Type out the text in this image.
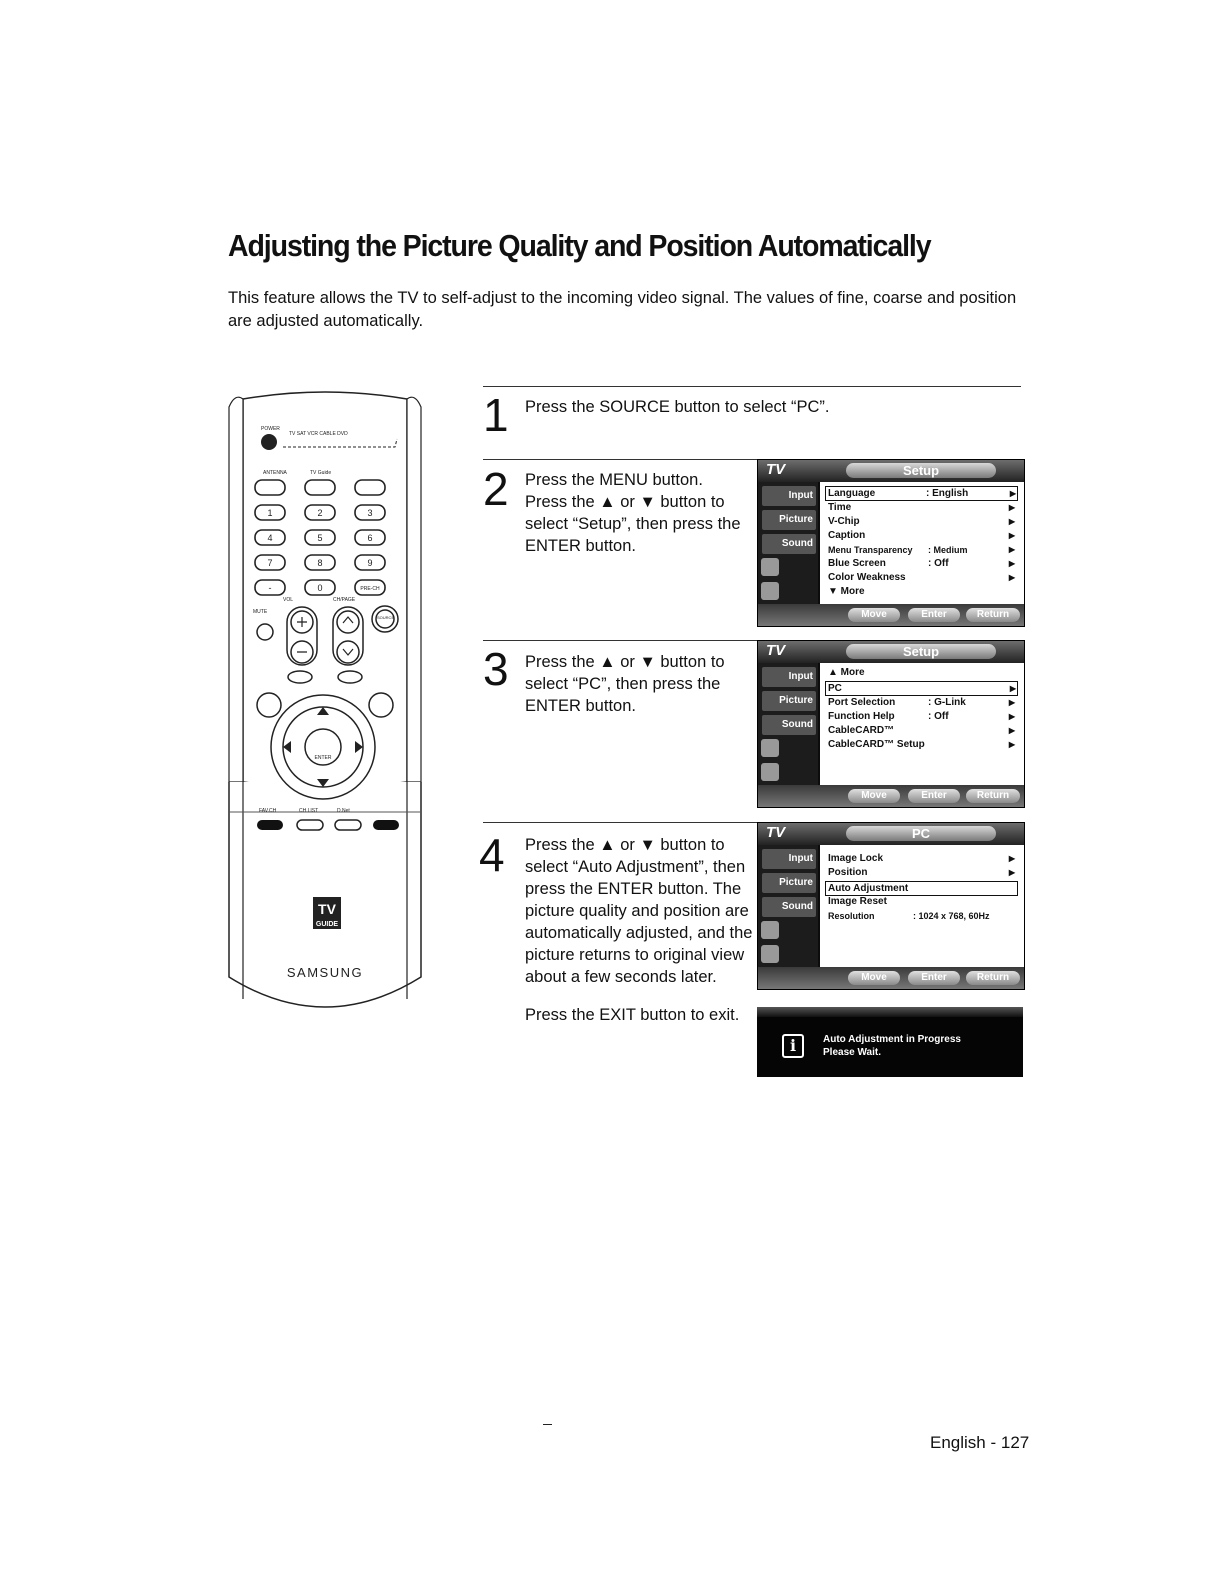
Adjusting the Picture Quality and Position Automatically

This feature allows the TV to self-adjust to the incoming video signal. The values of fine, coarse and position are adjusted automatically.

POWER
TV SAT VCR CABLE DVD
ANTENNA	TV Guide
1	2	3
4	5	6
7	8	9
-	0	PRE-CH
VOL	CH/PAGE
MUTE
SOURCE
ENTER
FAV.CH	CH.LIST	D.Net
TV
GUIDE
SAMSUNG
1 Press the SOURCE button to select “PC”.

2 Press the MENU button. Press the ▲ or ▼ button to select “Setup”, then press the ENTER button.

3 Press the ▲ or ▼ button to select “PC”, then press the ENTER button.

4 Press the ▲ or ▼ button to select “Auto Adjustment”, then press the ENTER button. The picture quality and position are automatically adjusted, and the picture returns to original view about a few seconds later.

Press the EXIT button to exit.

TV	Setup
Input
Picture
Sound
Language	: English	▶
Time	▶
V-Chip	▶
Caption	▶
Menu Transparency : Medium	▶
Blue Screen	: Off	▶
Color Weakness	▶
▼ More
Move	Enter	Return
TV	Setup
Input
Picture
Sound
▲ More
PC	▶
Port Selection	: G-Link	▶
Function Help	: Off	▶
CableCARD™	▶
CableCARD™ Setup	▶
Move	Enter	Return
TV	PC
Input
Picture
Sound
Image Lock	▶
Position	▶
Auto Adjustment
Image Reset
Resolution	: 1024 x 768, 60Hz
Move	Enter	Return
i	Auto Adjustment in Progress
Please Wait.
English - 127
